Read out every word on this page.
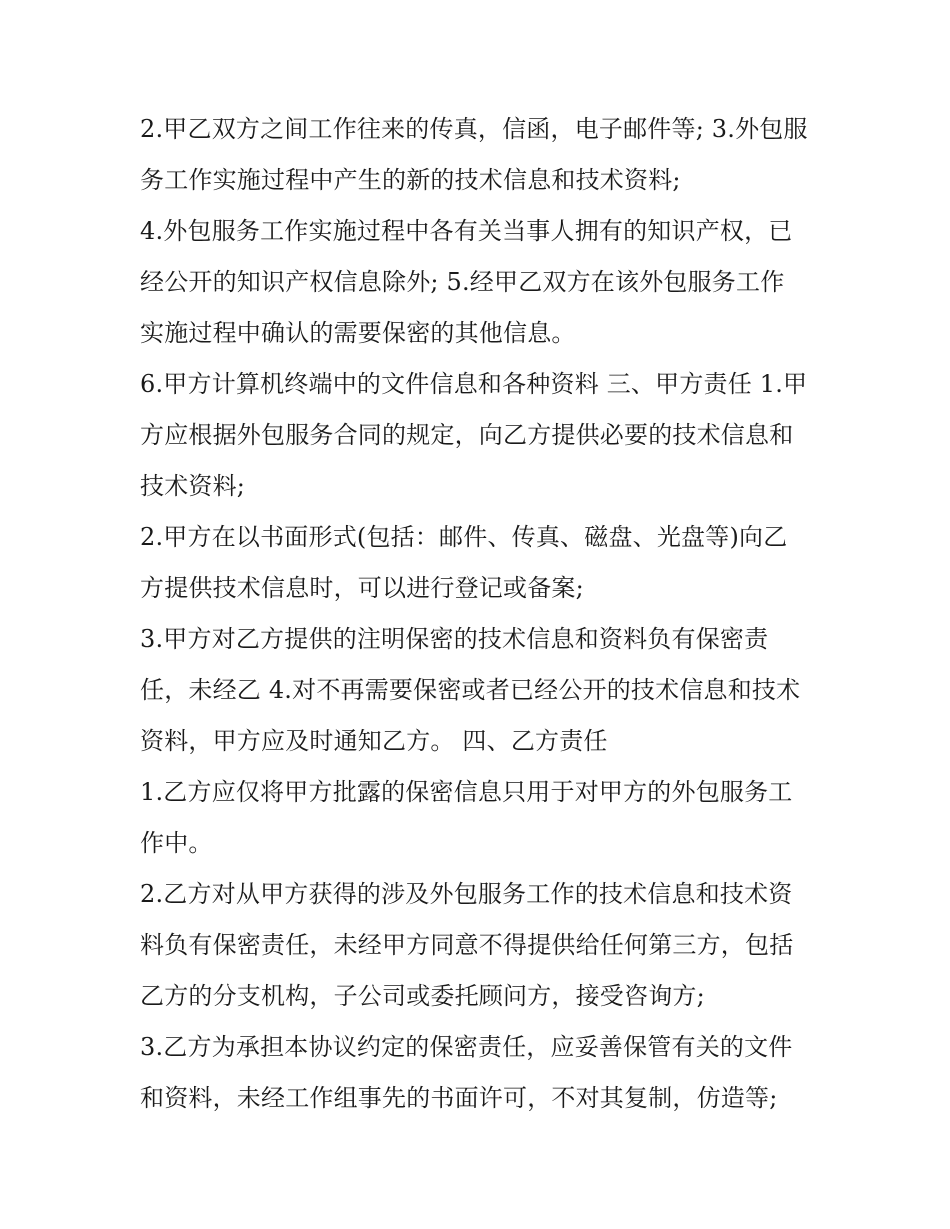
2.甲乙双方之间工作往来的传真，信函，电子邮件等; 3.外包服
务工作实施过程中产生的新的技术信息和技术资料;
4.外包服务工作实施过程中各有关当事人拥有的知识产权，已
经公开的知识产权信息除外; 5.经甲乙双方在该外包服务工作
实施过程中确认的需要保密的其他信息。
6.甲方计算机终端中的文件信息和各种资料 三、甲方责任 1.甲
方应根据外包服务合同的规定，向乙方提供必要的技术信息和
技术资料;
2.甲方在以书面形式(包括：邮件、传真、磁盘、光盘等)向乙
方提供技术信息时，可以进行登记或备案;
3.甲方对乙方提供的注明保密的技术信息和资料负有保密责
任，未经乙 4.对不再需要保密或者已经公开的技术信息和技术
资料，甲方应及时通知乙方。 四、乙方责任
1.乙方应仅将甲方批露的保密信息只用于对甲方的外包服务工
作中。
2.乙方对从甲方获得的涉及外包服务工作的技术信息和技术资
料负有保密责任，未经甲方同意不得提供给任何第三方，包括
乙方的分支机构，子公司或委托顾问方，接受咨询方;
3.乙方为承担本协议约定的保密责任，应妥善保管有关的文件
和资料，未经工作组事先的书面许可，不对其复制，仿造等;
